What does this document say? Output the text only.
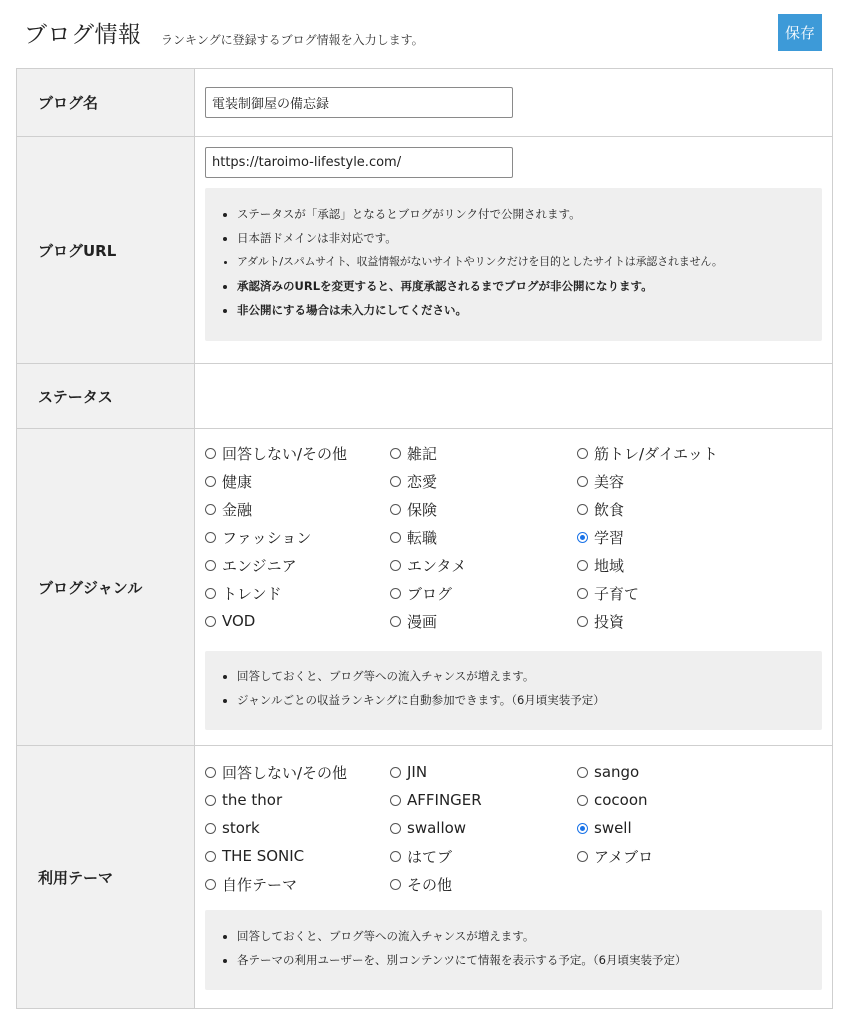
ブログ情報 ランキングに登録するブログ情報を入力します。	保存
ブログ名
電装制御屋の備忘録
ブログURL
https://taroimo-lifestyle.com/
• ステータスが「承認」となるとブログがリンク付で公開されます。
• 日本語ドメインは非対応です。
• アダルト/スパムサイト、収益情報がないサイトやリンクだけを目的としたサイトは承認されません。
• 承認済みのURLを変更すると、再度承認されるまでブログが非公開になります。
• 非公開にする場合は未入力にしてください。
ステータス
ブログジャンル
回答しない/その他	雑記	筋トレ/ダイエット
健康	恋愛	美容
金融	保険	飲食
ファッション	転職	学習
エンジニア	エンタメ	地域
トレンド	ブログ	子育て
VOD	漫画	投資
• 回答しておくと、ブログ等への流入チャンスが増えます。
• ジャンルごとの収益ランキングに自動参加できます。（6月頃実装予定）
利用テーマ
回答しない/その他	JIN	sango
the thor	AFFINGER	cocoon
stork	swallow	swell
THE SONIC	はてブ	アメブロ
自作テーマ	その他
• 回答しておくと、ブログ等への流入チャンスが増えます。
• 各テーマの利用ユーザーを、別コンテンツにて情報を表示する予定。（6月頃実装予定）
